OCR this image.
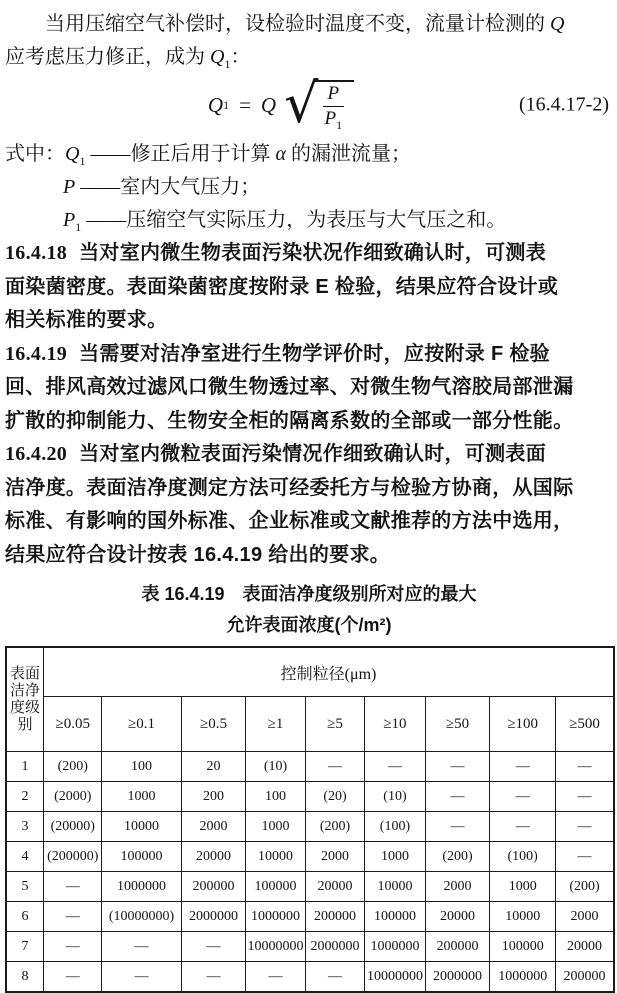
当用压缩空气补偿时，设检验时温度不变，流量计检测的 Q
应考虑压力修正，成为 $Q_1$：
Q 1 = Q √
$\frac{P}{P_1}$	(16.4.17-2)
式中：$Q_1$ ——修正后用于计算 α 的漏泄流量；
P ——室内大气压力；
$P_1$ ——压缩空气实际压力，为表压与大气压之和。
16.4.18 当对室内微生物表面污染状况作细致确认时，可测表
面染菌密度。表面染菌密度按附录 E 检验，结果应符合设计或
相关标准的要求。
16.4.19 当需要对洁净室进行生物学评价时，应按附录 F 检验
回、排风高效过滤风口微生物透过率、对微生物气溶胶局部泄漏
扩散的抑制能力、生物安全柜的隔离系数的全部或一部分性能。
16.4.20 当对室内微粒表面污染情况作细致确认时，可测表面
洁净度。表面洁净度测定方法可经委托方与检验方协商，从国际
标准、有影响的国外标准、企业标准或文献推荐的方法中选用，
结果应符合设计按表 16.4.19 给出的要求。
表 16.4.19　表面洁净度级别所对应的最大
允许表面浓度(个/m²)
表面
洁净
度级
别	控制粒径(μm)								
	≥0.05	≥0.1	≥0.5	≥1	≥5	≥10	≥50	≥100	≥500
1	(200)	100	20	(10)	—	—	—	—	—
2	(2000)	1000	200	100	(20)	(10)	—	—	—
3	(20000)	10000	2000	1000	(200)	(100)	—	—	—
4	(200000)	100000	20000	10000	2000	1000	(200)	(100)	—
5	—	1000000	200000	100000	20000	10000	2000	1000	(200)
6	—	(10000000)	2000000	1000000	200000	100000	20000	10000	2000
7	—	—	—	10000000	2000000	1000000	200000	100000	20000
8	—	—	—	—	—	10000000	2000000	1000000	200000
